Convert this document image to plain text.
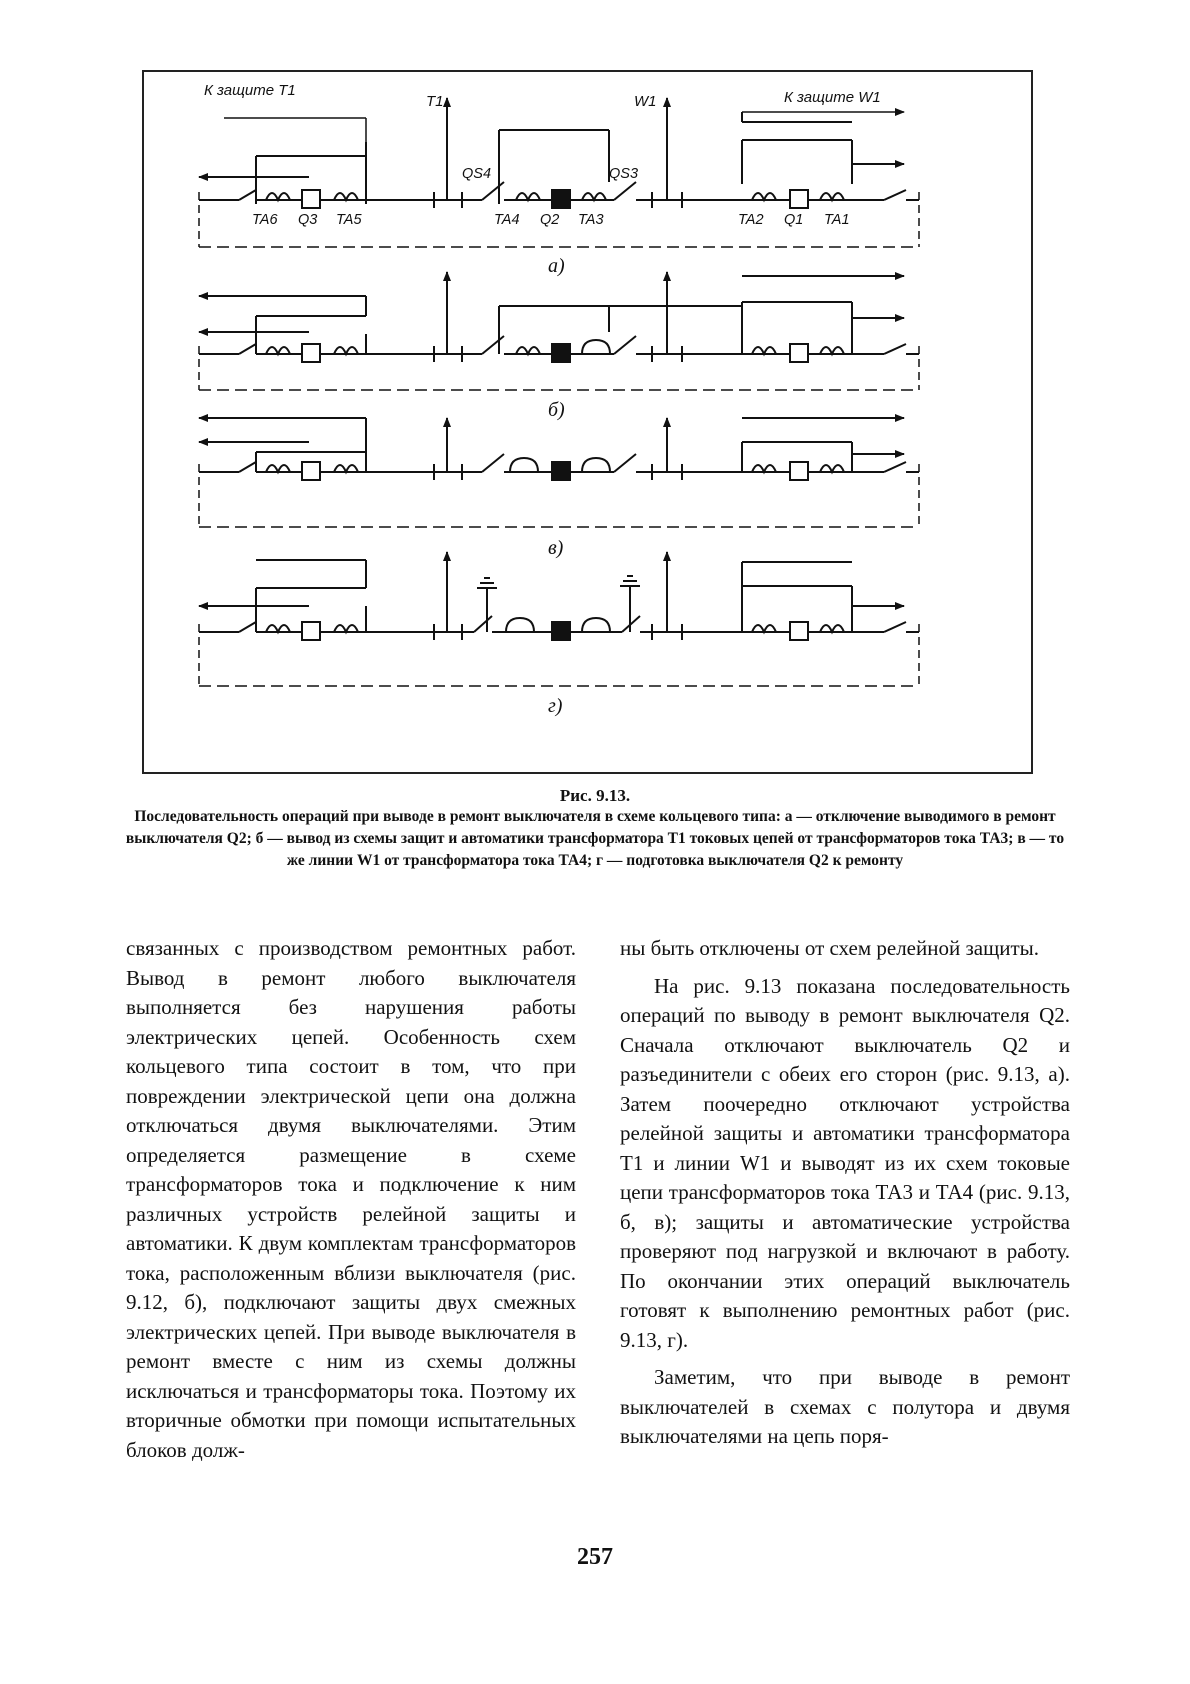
К защите Т1
T1	W1	К защите W1
QS4	QS3
TA6 Q3 TA5	TA4 Q2 TA3	TA2 Q1 TA1
а)
б)
в)
г)
Рис. 9.13.
Последовательность операций при выводе в ремонт выключателя в схеме кольцевого типа: а — отключение выводимого в ремонт выключателя Q2; б — вывод из схемы защит и автоматики трансформатора Т1 токовых цепей от трансформаторов тока ТА3; в — то же линии W1 от трансформатора тока ТА4; г — подготовка выключателя Q2 к ремонту

связанных с производством ремонтных работ. Вывод в ремонт любого выключателя выполняется без нарушения работы электрических цепей. Особенность схем кольцевого типа состоит в том, что при повреждении электрической цепи она должна отключаться двумя выключателями. Этим определяется размещение в схеме трансформаторов тока и подключение к ним различных устройств релейной защиты и автоматики. К двум комплектам трансформаторов тока, расположенным вблизи выключателя (рис. 9.12, б), подключают защиты двух смежных электрических цепей. При выводе выключателя в ремонт вместе с ним из схемы должны исключаться и трансформаторы тока. Поэтому их вторичные обмотки при помощи испытательных блоков долж-

ны быть отключены от схем релейной защиты.

На рис. 9.13 показана последовательность операций по выводу в ремонт выключателя Q2. Сначала отключают выключатель Q2 и разъединители с обеих его сторон (рис. 9.13, а). Затем поочередно отключают устройства релейной защиты и автоматики трансформатора Т1 и линии W1 и выводят из их схем токовые цепи трансформаторов тока ТА3 и ТА4 (рис. 9.13, б, в); защиты и автоматические устройства проверяют под нагрузкой и включают в работу. По окончании этих операций выключатель готовят к выполнению ремонтных работ (рис. 9.13, г).

Заметим, что при выводе в ремонт выключателей в схемах с полутора и двумя выключателями на цепь поря-

257
